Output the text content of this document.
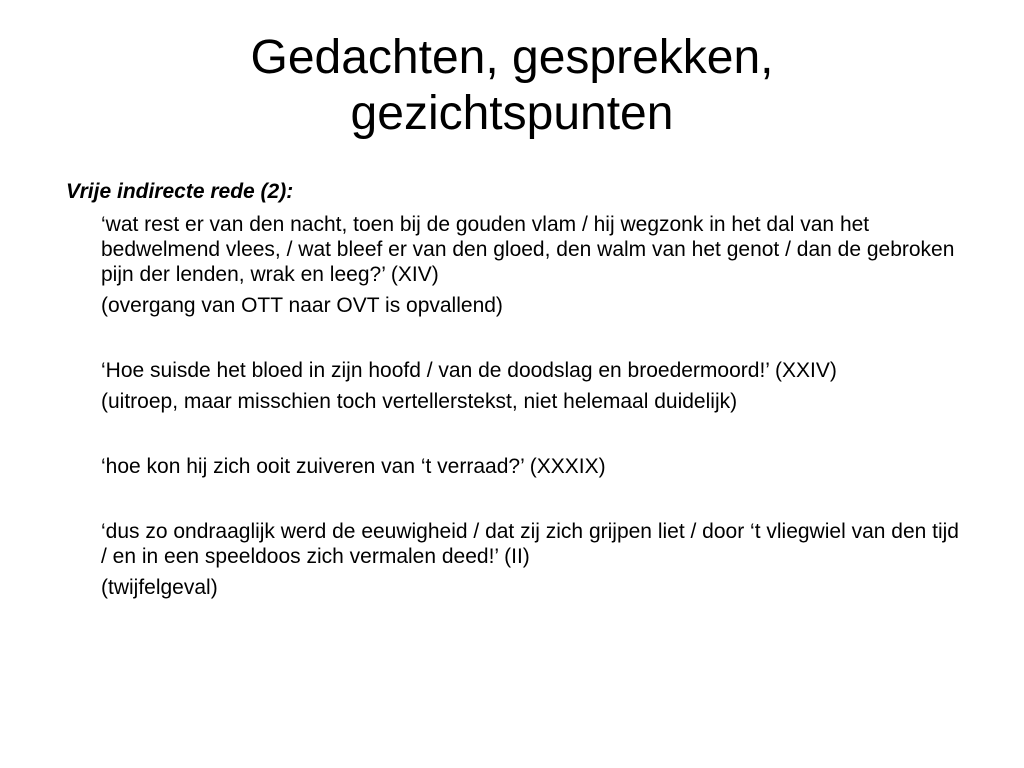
Gedachten, gesprekken,
gezichtspunten

Vrije indirecte rede (2):

‘wat rest er van den nacht, toen bij de gouden vlam / hij wegzonk in het dal van het bedwelmend vlees, / wat bleef er van den gloed, den walm van het genot / dan de gebroken pijn der lenden, wrak en leeg?’ (XIV)

(overgang van OTT naar OVT is opvallend)

‘Hoe suisde het bloed in zijn hoofd / van de doodslag en broedermoord!’ (XXIV)

(uitroep, maar misschien toch vertellerstekst, niet helemaal duidelijk)

‘hoe kon hij zich ooit zuiveren van ‘t verraad?’ (XXXIX)

‘dus zo ondraaglijk werd de eeuwigheid / dat zij zich grijpen liet / door ‘t vliegwiel van den tijd / en in een speeldoos zich vermalen deed!’ (II)

(twijfelgeval)
